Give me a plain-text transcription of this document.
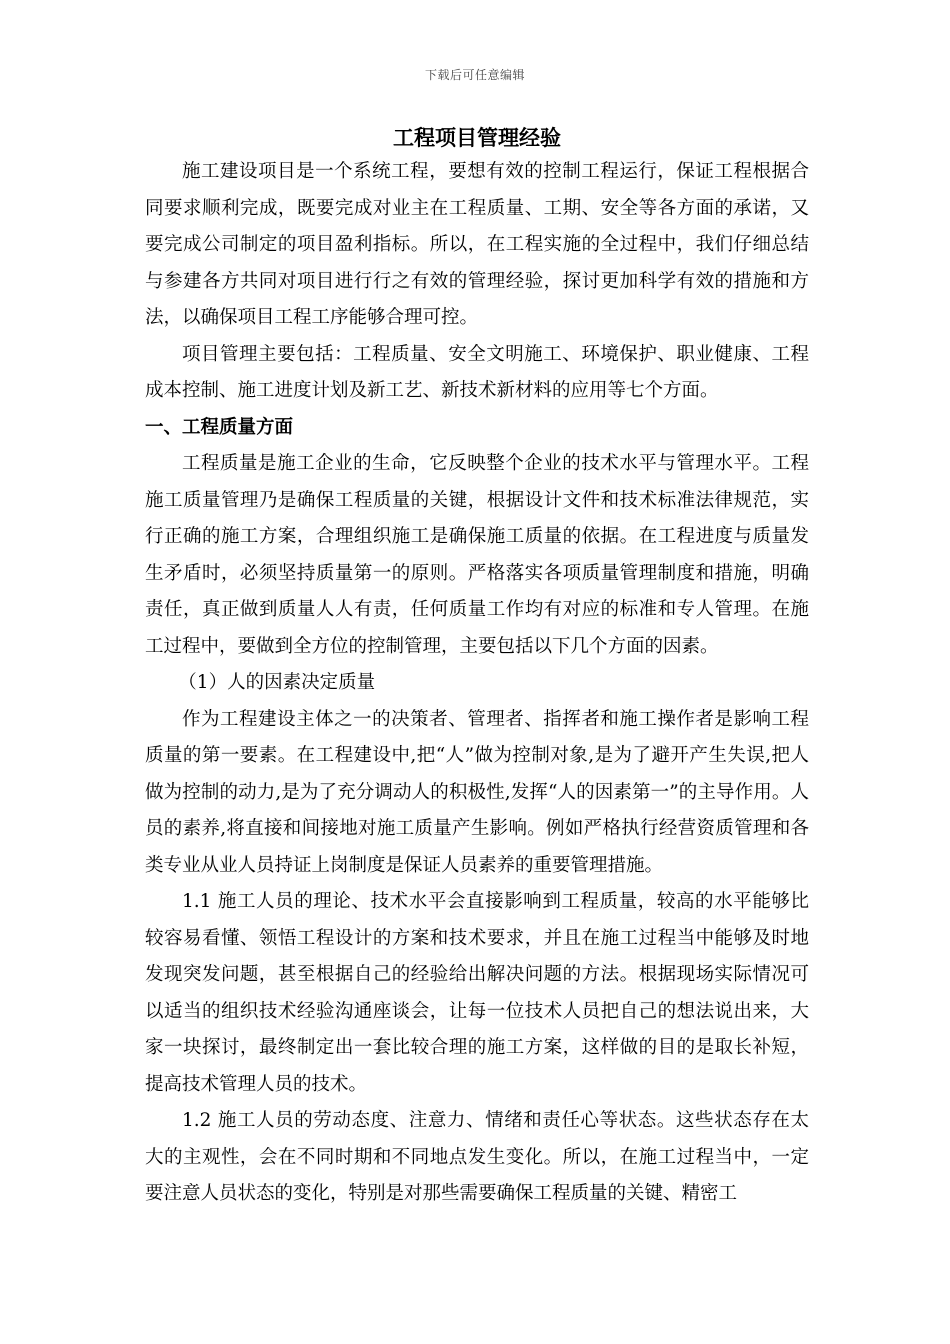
下载后可任意编辑
工程项目管理经验

施工建设项目是一个系统工程，要想有效的控制工程运行，保证工程根据合同要求顺利完成，既要完成对业主在工程质量、工期、安全等各方面的承诺，又要完成公司制定的项目盈利指标。所以，在工程实施的全过程中，我们仔细总结与参建各方共同对项目进行行之有效的管理经验，探讨更加科学有效的措施和方法，以确保项目工程工序能够合理可控。

项目管理主要包括：工程质量、安全文明施工、环境保护、职业健康、工程成本控制、施工进度计划及新工艺、新技术新材料的应用等七个方面。

一、工程质量方面

工程质量是施工企业的生命，它反映整个企业的技术水平与管理水平。工程施工质量管理乃是确保工程质量的关键，根据设计文件和技术标准法律规范，实行正确的施工方案，合理组织施工是确保施工质量的依据。在工程进度与质量发生矛盾时，必须坚持质量第一的原则。严格落实各项质量管理制度和措施，明确责任，真正做到质量人人有责，任何质量工作均有对应的标准和专人管理。在施工过程中，要做到全方位的控制管理，主要包括以下几个方面的因素。

（1）人的因素决定质量

作为工程建设主体之一的决策者、管理者、指挥者和施工操作者是影响工程质量的第一要素。在工程建设中,把“人”做为控制对象,是为了避开产生失误,把人做为控制的动力,是为了充分调动人的积极性,发挥“人的因素第一”的主导作用。人员的素养,将直接和间接地对施工质量产生影响。例如严格执行经营资质管理和各类专业从业人员持证上岗制度是保证人员素养的重要管理措施。

1.1 施工人员的理论、技术水平会直接影响到工程质量，较高的水平能够比较容易看懂、领悟工程设计的方案和技术要求，并且在施工过程当中能够及时地发现突发问题，甚至根据自己的经验给出解决问题的方法。根据现场实际情况可以适当的组织技术经验沟通座谈会，让每一位技术人员把自己的想法说出来，大家一块探讨，最终制定出一套比较合理的施工方案，这样做的目的是取长补短，提高技术管理人员的技术。

1.2 施工人员的劳动态度、注意力、情绪和责任心等状态。这些状态存在太大的主观性，会在不同时期和不同地点发生变化。所以，在施工过程当中，一定要注意人员状态的变化，特别是对那些需要确保工程质量的关键、精密工
